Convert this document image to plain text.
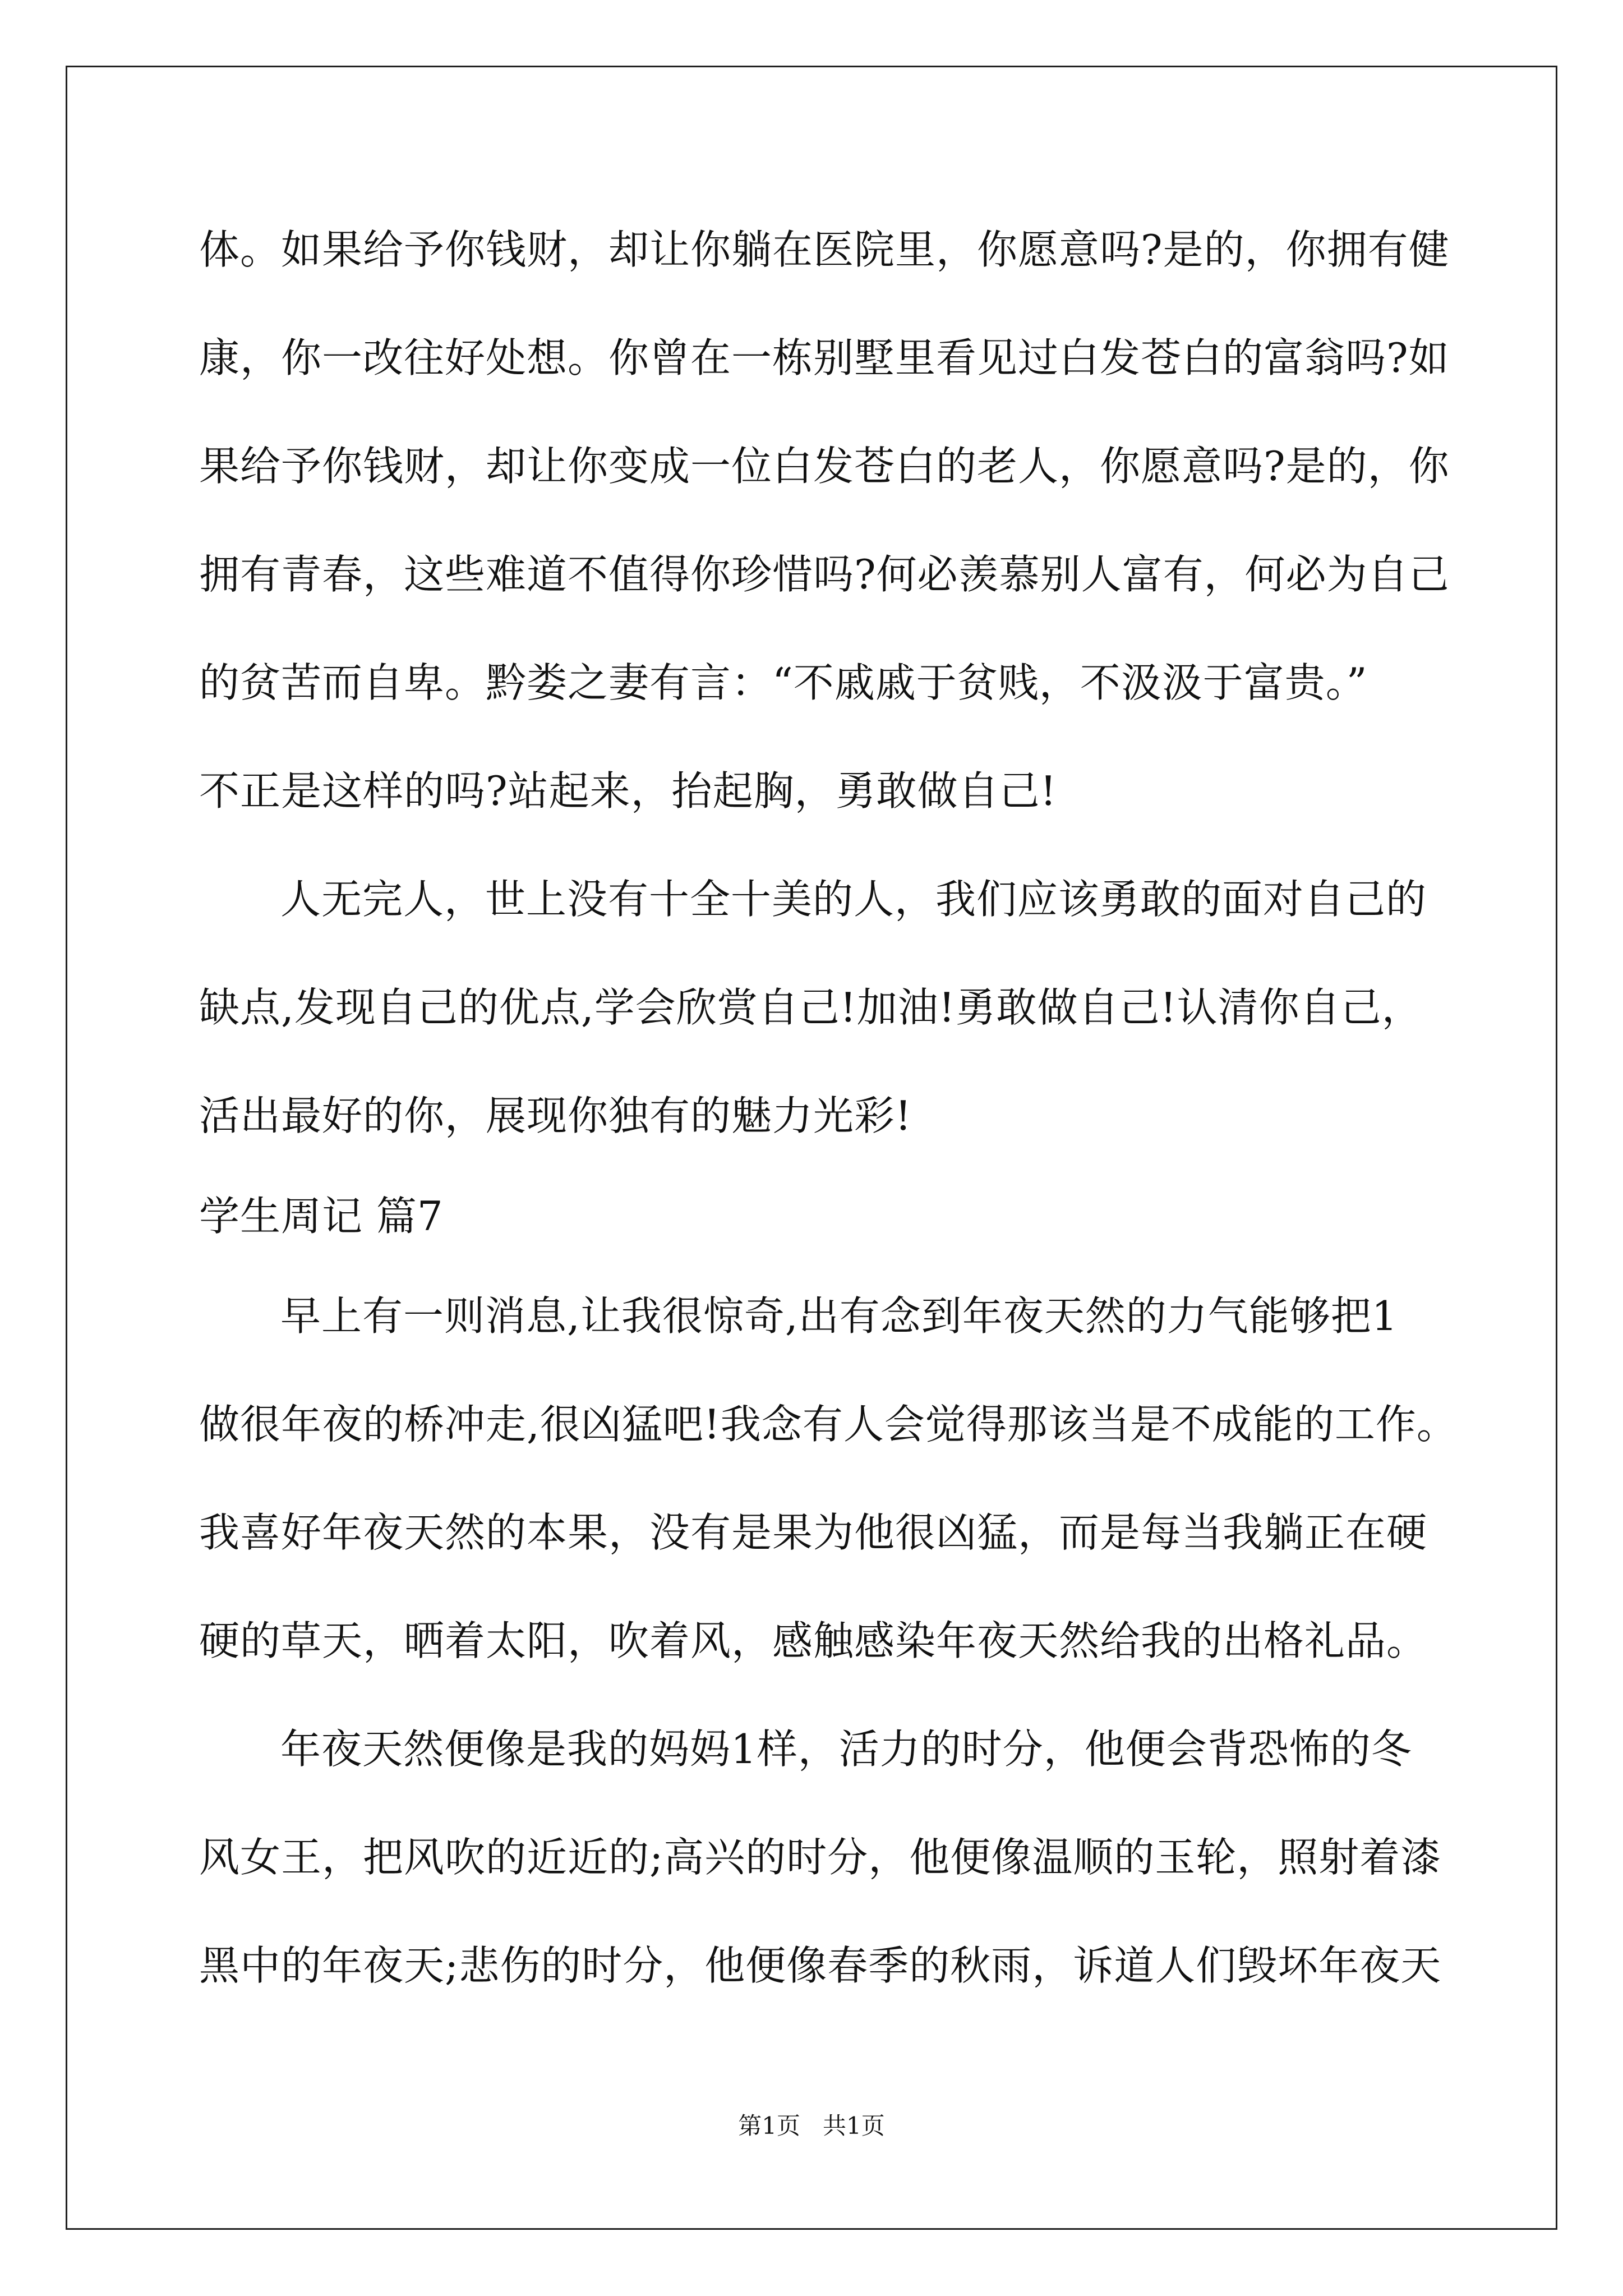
体。如果给予你钱财，却让你躺在医院里，你愿意吗?是的，你拥有健
康，你一改往好处想。你曾在一栋别墅里看见过白发苍白的富翁吗?如
果给予你钱财，却让你变成一位白发苍白的老人，你愿意吗?是的，你
拥有青春，这些难道不值得你珍惜吗?何必羡慕别人富有，何必为自己
的贫苦而自卑。黔娄之妻有言：“不戚戚于贫贱，不汲汲于富贵。”
不正是这样的吗?站起来，抬起胸，勇敢做自己!
人无完人，世上没有十全十美的人，我们应该勇敢的面对自己的
缺点,发现自己的优点,学会欣赏自己!加油!勇敢做自己!认清你自己，
活出最好的你，展现你独有的魅力光彩!
学生周记 篇7
早上有一则消息,让我很惊奇,出有念到年夜天然的力气能够把1
做很年夜的桥冲走,很凶猛吧!我念有人会觉得那该当是不成能的工作。
我喜好年夜天然的本果，没有是果为他很凶猛，而是每当我躺正在硬
硬的草天，晒着太阳，吹着风，感触感染年夜天然给我的出格礼品。
年夜天然便像是我的妈妈1样，活力的时分，他便会背恐怖的冬
风女王，把风吹的近近的;高兴的时分，他便像温顺的玉轮，照射着漆
黑中的年夜天;悲伤的时分，他便像春季的秋雨，诉道人们毁坏年夜天
第1页   共1页
